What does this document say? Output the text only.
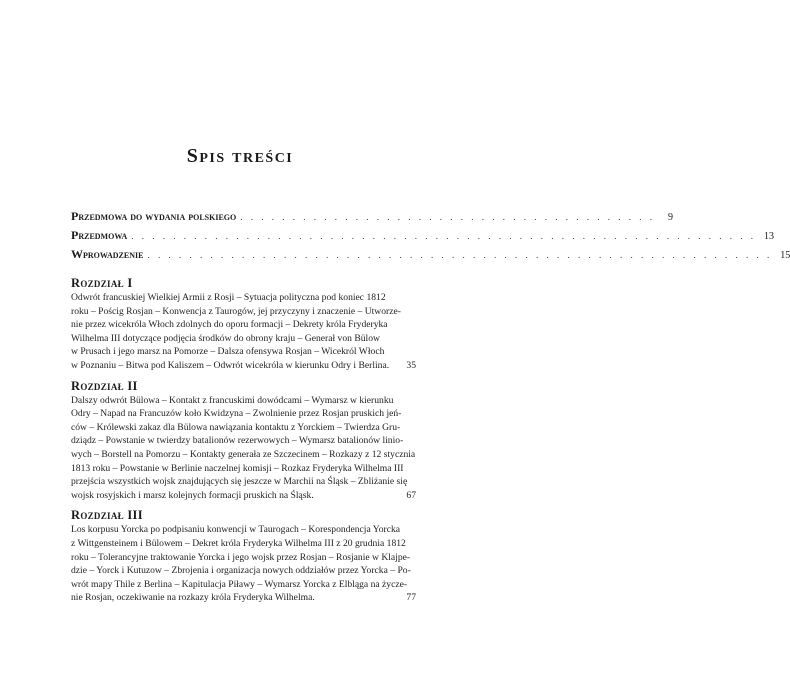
Spis treści
Przedmowa do wydania polskiego . . . . . . . . . . . . . . . . . . . . . . . . . . . . . . . . . . . . . . . .	9
Przedmowa . . . . . . . . . . . . . . . . . . . . . . . . . . . . . . . . . . . . . . . . . . . . . . . . . . . . . . . . . . . . 13
Wprowadzenie . . . . . . . . . . . . . . . . . . . . . . . . . . . . . . . . . . . . . . . . . . . . . . . . . . . . . . . . . . . . 15
Rozdział I
Odwrót francuskiej Wielkiej Armii z Rosji – Sytuacja polityczna pod koniec 1812
roku – Pościg Rosjan – Konwencja z Taurogów, jej przyczyny i znaczenie – Utworze-
nie przez wicekróla Włoch zdolnych do oporu formacji – Dekrety króla Fryderyka
Wilhelma III dotyczące podjęcia środków do obrony kraju – Generał von Bülow
w Prusach i jego marsz na Pomorze – Dalsza ofensywa Rosjan – Wicekról Włoch
w Poznaniu – Bitwa pod Kaliszem – Odwrót wicekróla w kierunku Odry i Berlina. 35
Rozdział II
Dalszy odwrót Bülowa – Kontakt z francuskimi dowódcami – Wymarsz w kierunku
Odry – Napad na Francuzów koło Kwidzyna – Zwolnienie przez Rosjan pruskich jeń-
ców – Królewski zakaz dla Bülowa nawiązania kontaktu z Yorckiem – Twierdza Gru-
dziądz – Powstanie w twierdzy batalionów rezerwowych – Wymarsz batalionów linio-
wych – Borstell na Pomorzu – Kontakty generała ze Szczecinem – Rozkazy z 12 stycznia
1813 roku – Powstanie w Berlinie naczelnej komisji – Rozkaz Fryderyka Wilhelma III
przejścia wszystkich wojsk znajdujących się jeszcze w Marchii na Śląsk – Zbliżanie się
wojsk rosyjskich i marsz kolejnych formacji pruskich na Śląsk.	67
Rozdział III
Los korpusu Yorcka po podpisaniu konwencji w Taurogach – Korespondencja Yorcka
z Wittgensteinem i Bülowem – Dekret króla Fryderyka Wilhelma III z 20 grudnia 1812
roku – Tolerancyjne traktowanie Yorcka i jego wojsk przez Rosjan – Rosjanie w Klajpe-
dzie – Yorck i Kutuzow – Zbrojenia i organizacja nowych oddziałów przez Yorcka – Po-
wrót mapy Thile z Berlina – Kapitulacja Piławy – Wymarsz Yorcka z Elbląga na życze-
nie Rosjan, oczekiwanie na rozkazy króla Fryderyka Wilhelma.	77
